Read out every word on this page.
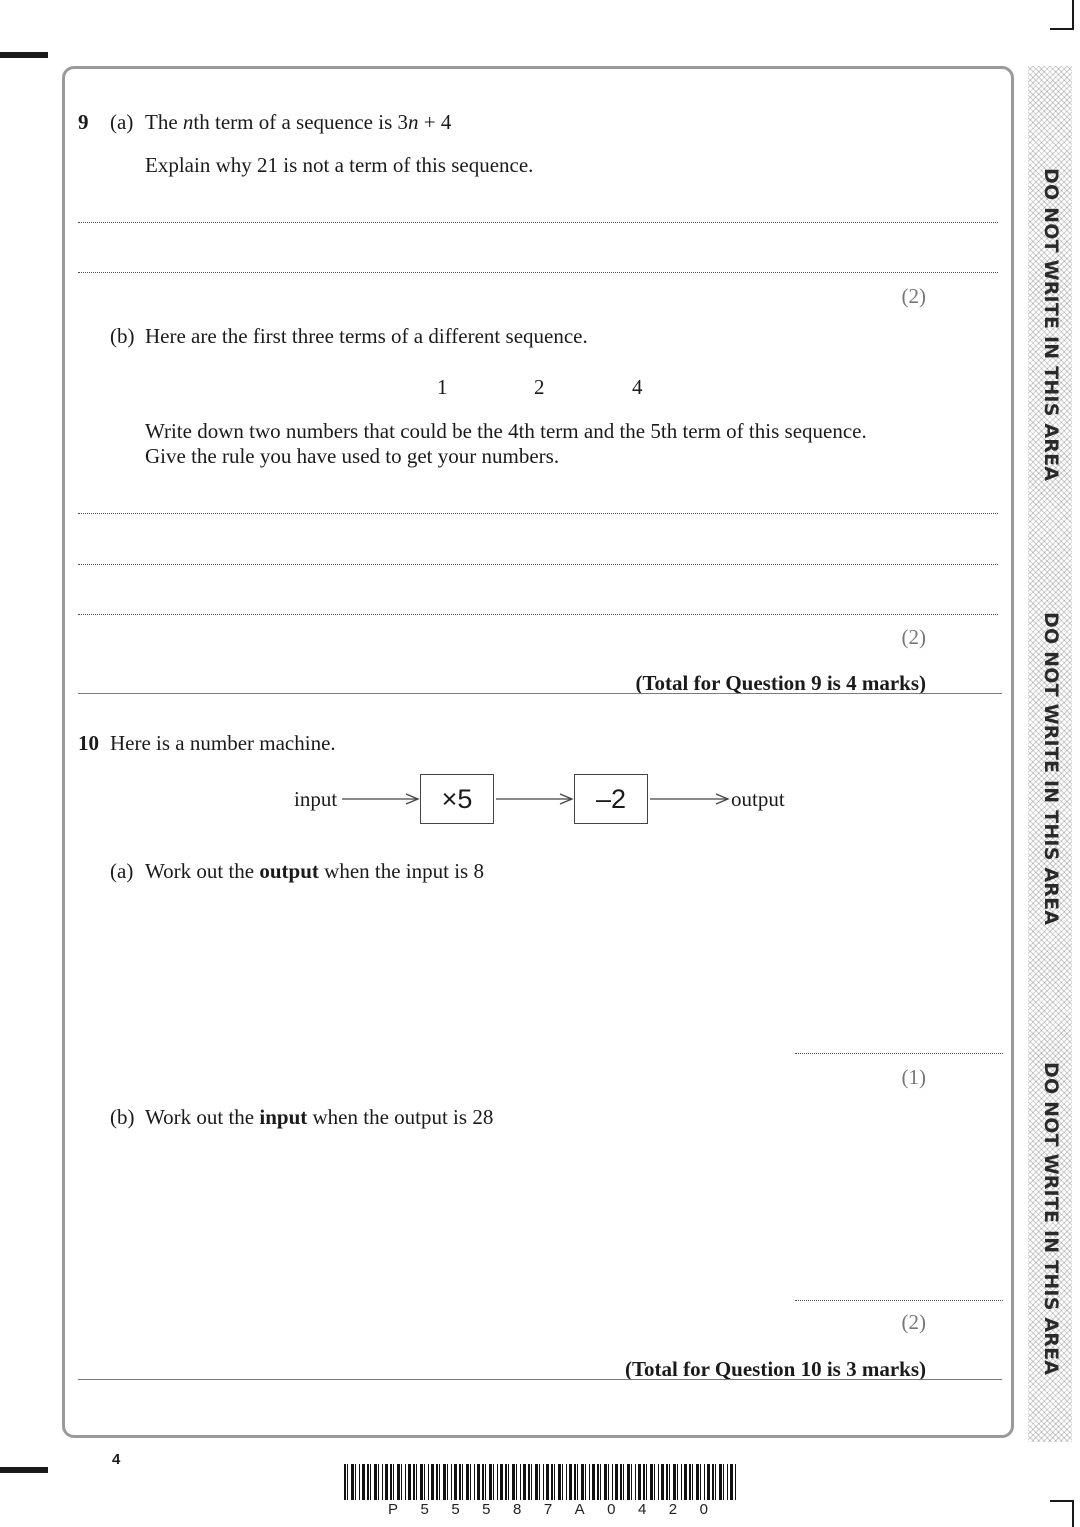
DO NOT WRITE IN THIS AREA
DO NOT WRITE IN THIS AREA
DO NOT WRITE IN THIS AREA
9 (a) The nth term of a sequence is 3n + 4
Explain why 21 is not a term of this sequence.
(2)
(b) Here are the first three terms of a different sequence.
1	2	4
Write down two numbers that could be the 4th term and the 5th term of this sequence.
Give the rule you have used to get your numbers.
(2)
(Total for Question 9 is 4 marks)
10 Here is a number machine.
input	×5	–2	output
(a) Work out the output when the input is 8
(1)
(b) Work out the input when the output is 28
(2)
(Total for Question 10 is 3 marks)
4
P 5 5 5 8 7 A 0 4 2 0
